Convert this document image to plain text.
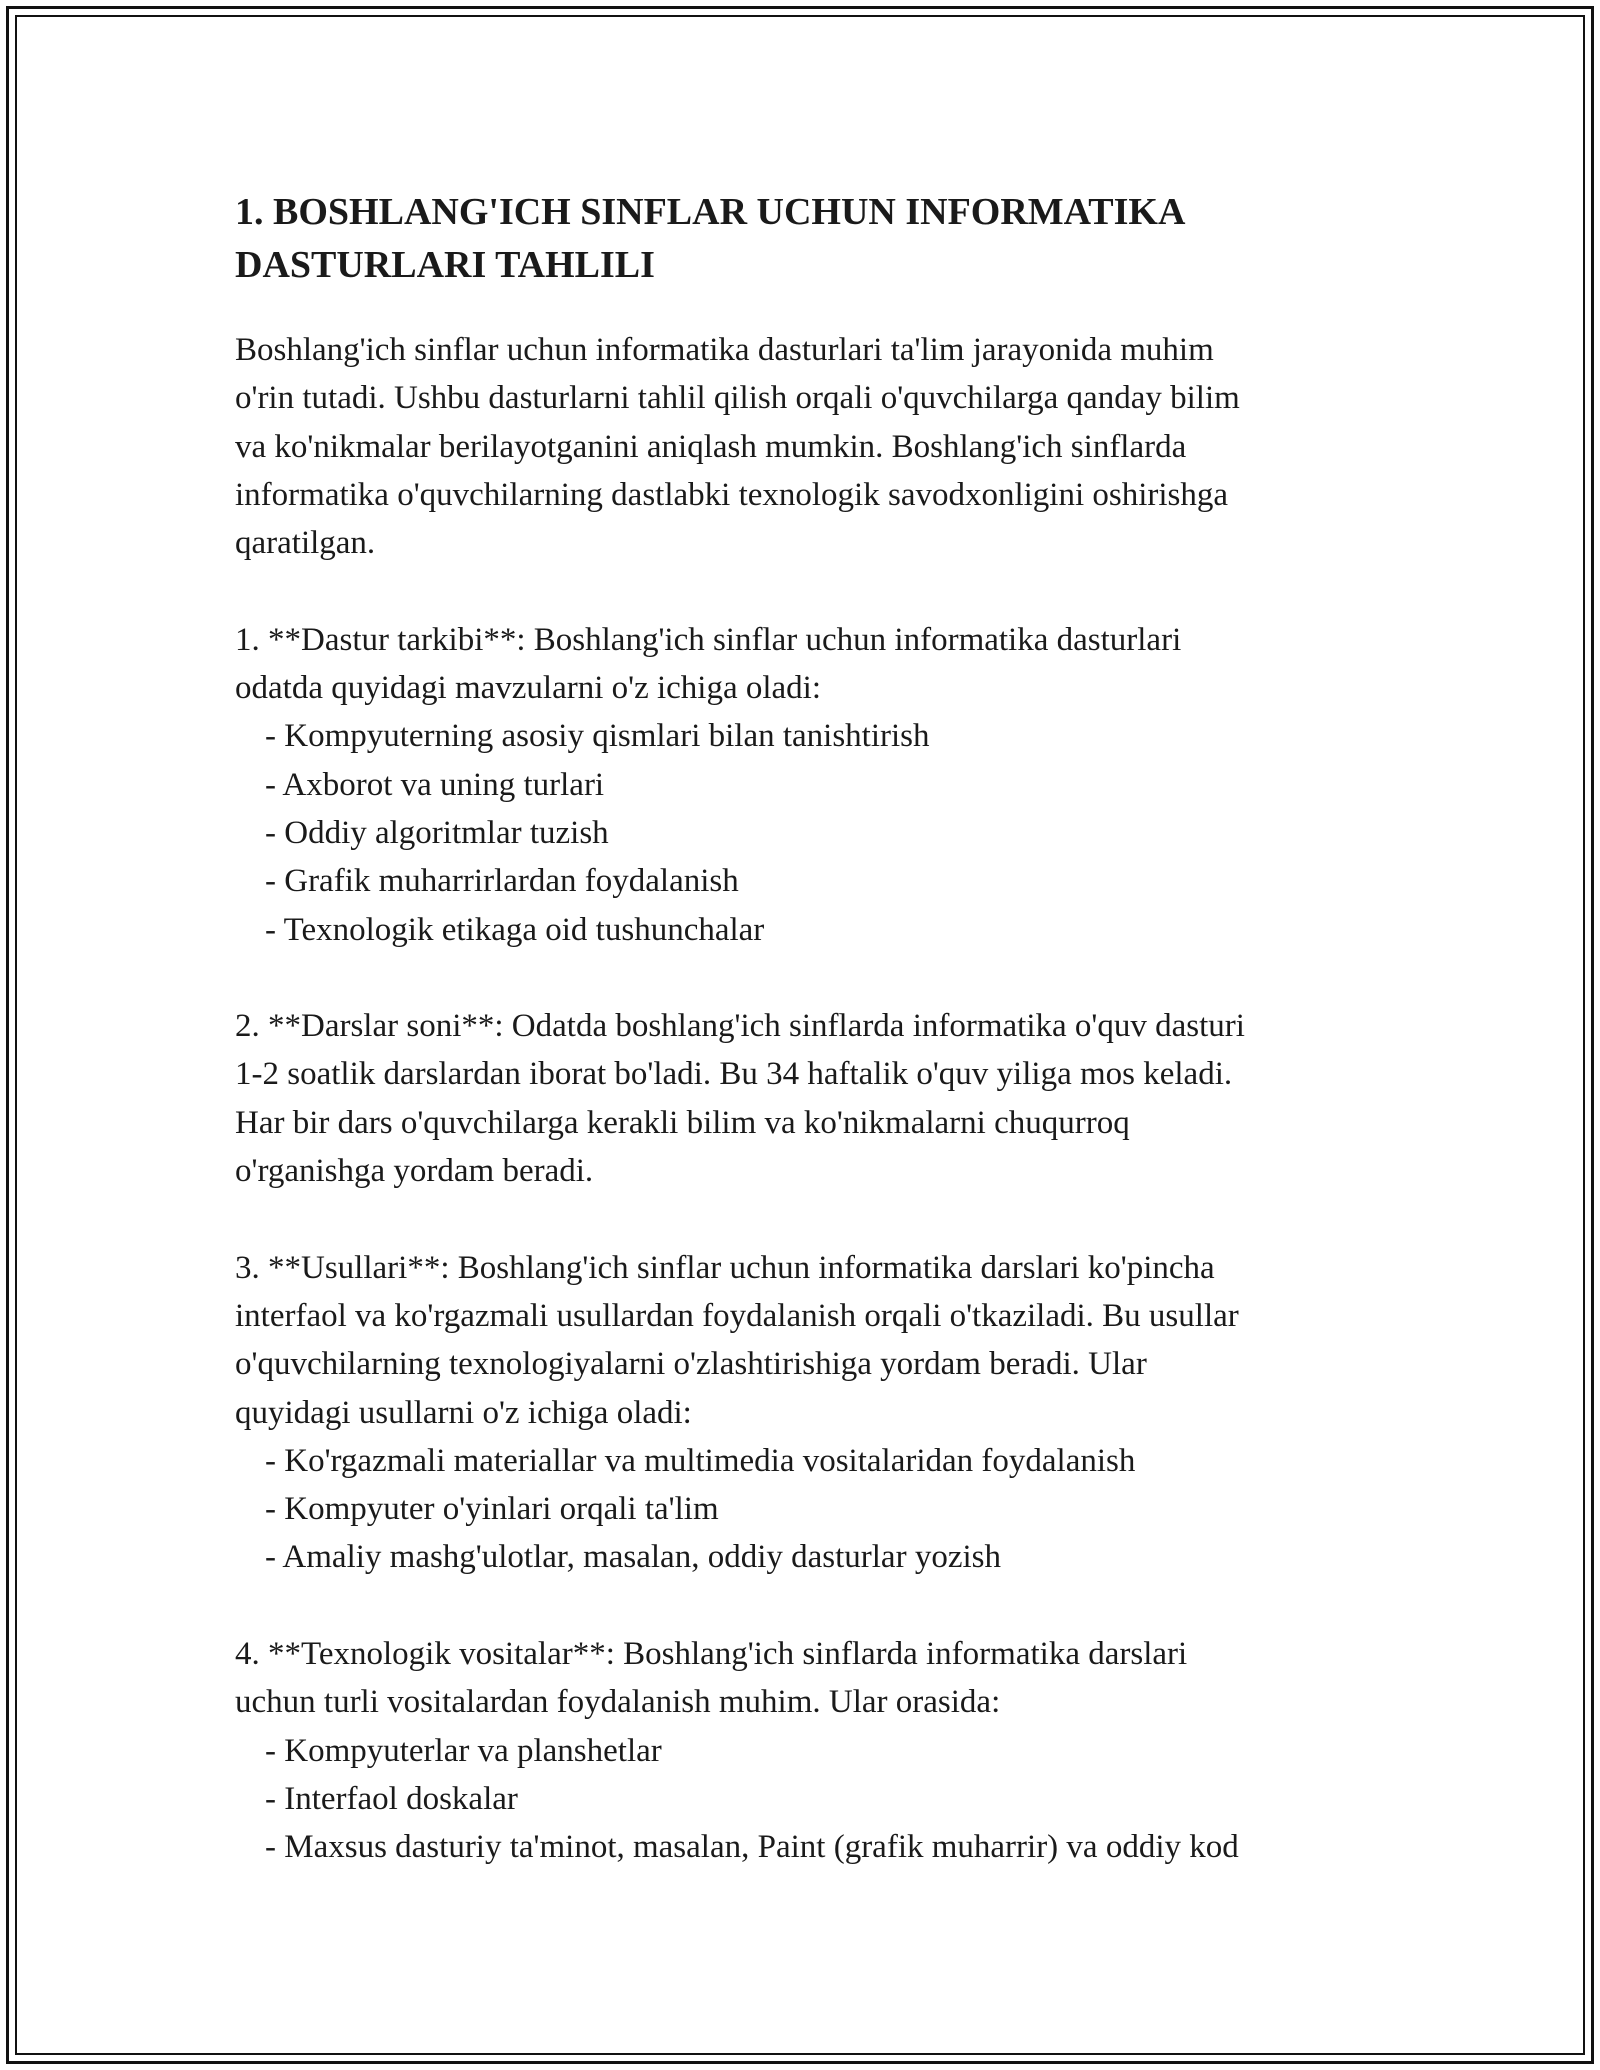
1. BOSHLANG'ICH SINFLAR UCHUN INFORMATIKA
DASTURLARI TAHLILI
Boshlang'ich sinflar uchun informatika dasturlari ta'lim jarayonida muhim
o'rin tutadi. Ushbu dasturlarni tahlil qilish orqali o'quvchilarga qanday bilim
va ko'nikmalar berilayotganini aniqlash mumkin. Boshlang'ich sinflarda
informatika o'quvchilarning dastlabki texnologik savodxonligini oshirishga
qaratilgan.
1. **Dastur tarkibi**: Boshlang'ich sinflar uchun informatika dasturlari
odatda quyidagi mavzularni o'z ichiga oladi:
- Kompyuterning asosiy qismlari bilan tanishtirish
- Axborot va uning turlari
- Oddiy algoritmlar tuzish
- Grafik muharrirlardan foydalanish
- Texnologik etikaga oid tushunchalar
2. **Darslar soni**: Odatda boshlang'ich sinflarda informatika o'quv dasturi
1-2 soatlik darslardan iborat bo'ladi. Bu 34 haftalik o'quv yiliga mos keladi.
Har bir dars o'quvchilarga kerakli bilim va ko'nikmalarni chuqurroq
o'rganishga yordam beradi.
3. **Usullari**: Boshlang'ich sinflar uchun informatika darslari ko'pincha
interfaol va ko'rgazmali usullardan foydalanish orqali o'tkaziladi. Bu usullar
o'quvchilarning texnologiyalarni o'zlashtirishiga yordam beradi. Ular
quyidagi usullarni o'z ichiga oladi:
- Ko'rgazmali materiallar va multimedia vositalaridan foydalanish
- Kompyuter o'yinlari orqali ta'lim
- Amaliy mashg'ulotlar, masalan, oddiy dasturlar yozish
4. **Texnologik vositalar**: Boshlang'ich sinflarda informatika darslari
uchun turli vositalardan foydalanish muhim. Ular orasida:
- Kompyuterlar va planshetlar
- Interfaol doskalar
- Maxsus dasturiy ta'minot, masalan, Paint (grafik muharrir) va oddiy kod
